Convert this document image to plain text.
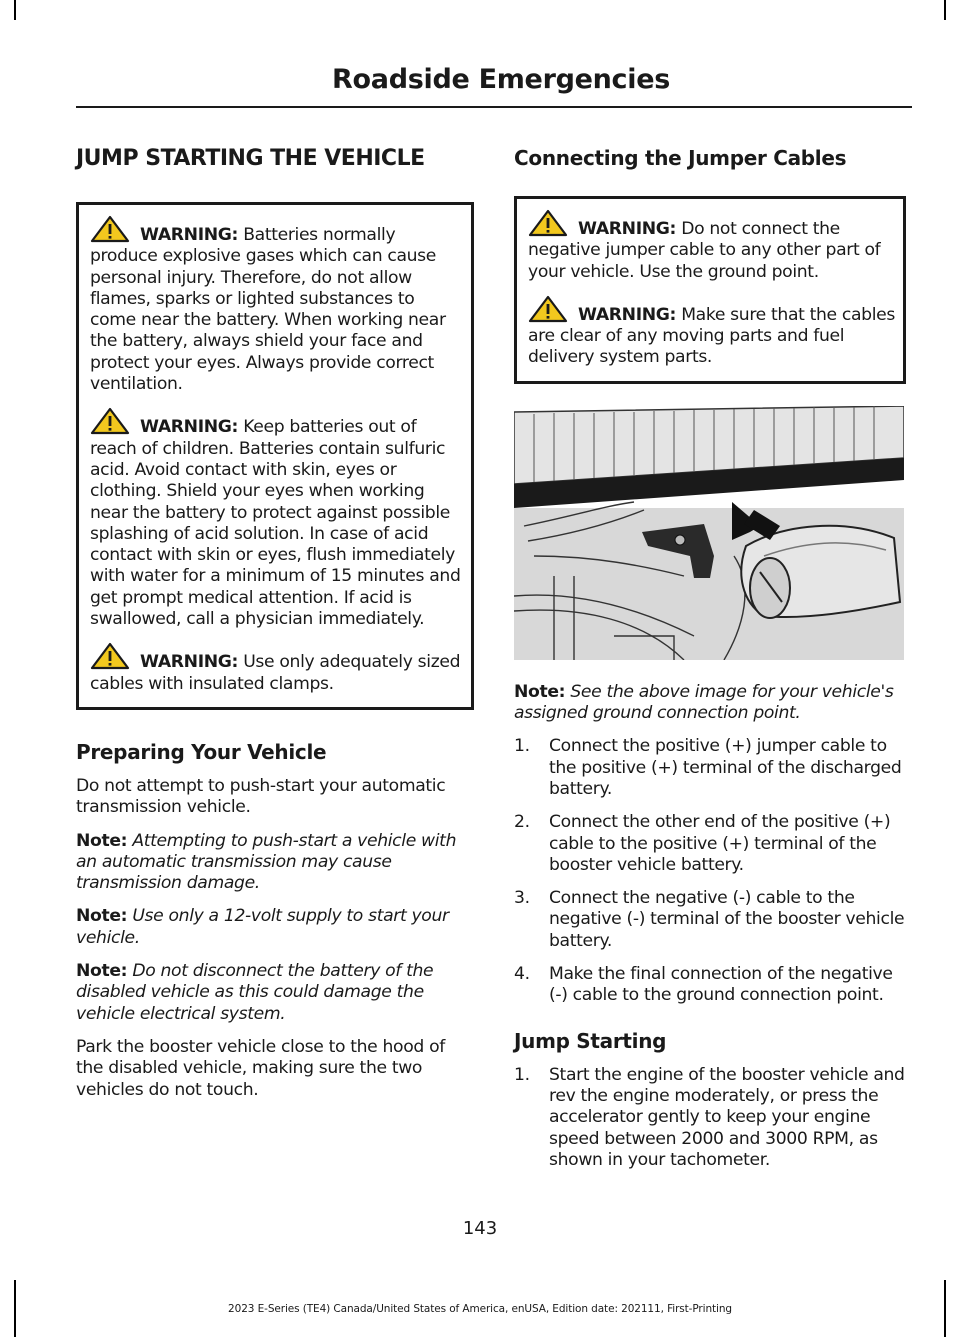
Roadside Emergencies
JUMP STARTING THE VEHICLE

WARNING: Batteries normally produce explosive gases which can cause personal injury. Therefore, do not allow flames, sparks or lighted substances to come near the battery. When working near the battery, always shield your face and protect your eyes. Always provide correct ventilation.

WARNING: Keep batteries out of reach of children. Batteries contain sulfuric acid. Avoid contact with skin, eyes or clothing. Shield your eyes when working near the battery to protect against possible splashing of acid solution. In case of acid contact with skin or eyes, flush immediately with water for a minimum of 15 minutes and get prompt medical attention. If acid is swallowed, call a physician immediately.

WARNING: Use only adequately sized cables with insulated clamps.

Preparing Your Vehicle

Do not attempt to push-start your automatic transmission vehicle.

Note: Attempting to push-start a vehicle with an automatic transmission may cause transmission damage.

Note: Use only a 12-volt supply to start your vehicle.

Note: Do not disconnect the battery of the disabled vehicle as this could damage the vehicle electrical system.

Park the booster vehicle close to the hood of the disabled vehicle, making sure the two vehicles do not touch.

Connecting the Jumper Cables

WARNING: Do not connect the negative jumper cable to any other part of your vehicle. Use the ground point.

WARNING: Make sure that the cables are clear of any moving parts and fuel delivery system parts.

Note: See the above image for your vehicle's assigned ground connection point.

1. Connect the positive (+) jumper cable to the positive (+) terminal of the discharged battery.
2. Connect the other end of the positive (+) cable to the positive (+) terminal of the booster vehicle battery.
3. Connect the negative (-) cable to the negative (-) terminal of the booster vehicle battery.
4. Make the final connection of the negative (-) cable to the ground connection point.
Jump Starting
1. Start the engine of the booster vehicle and rev the engine moderately, or press the accelerator gently to keep your engine speed between 2000 and 3000 RPM, as shown in your tachometer.
143
2023 E-Series (TE4) Canada/United States of America, enUSA, Edition date: 202111, First-Printing
